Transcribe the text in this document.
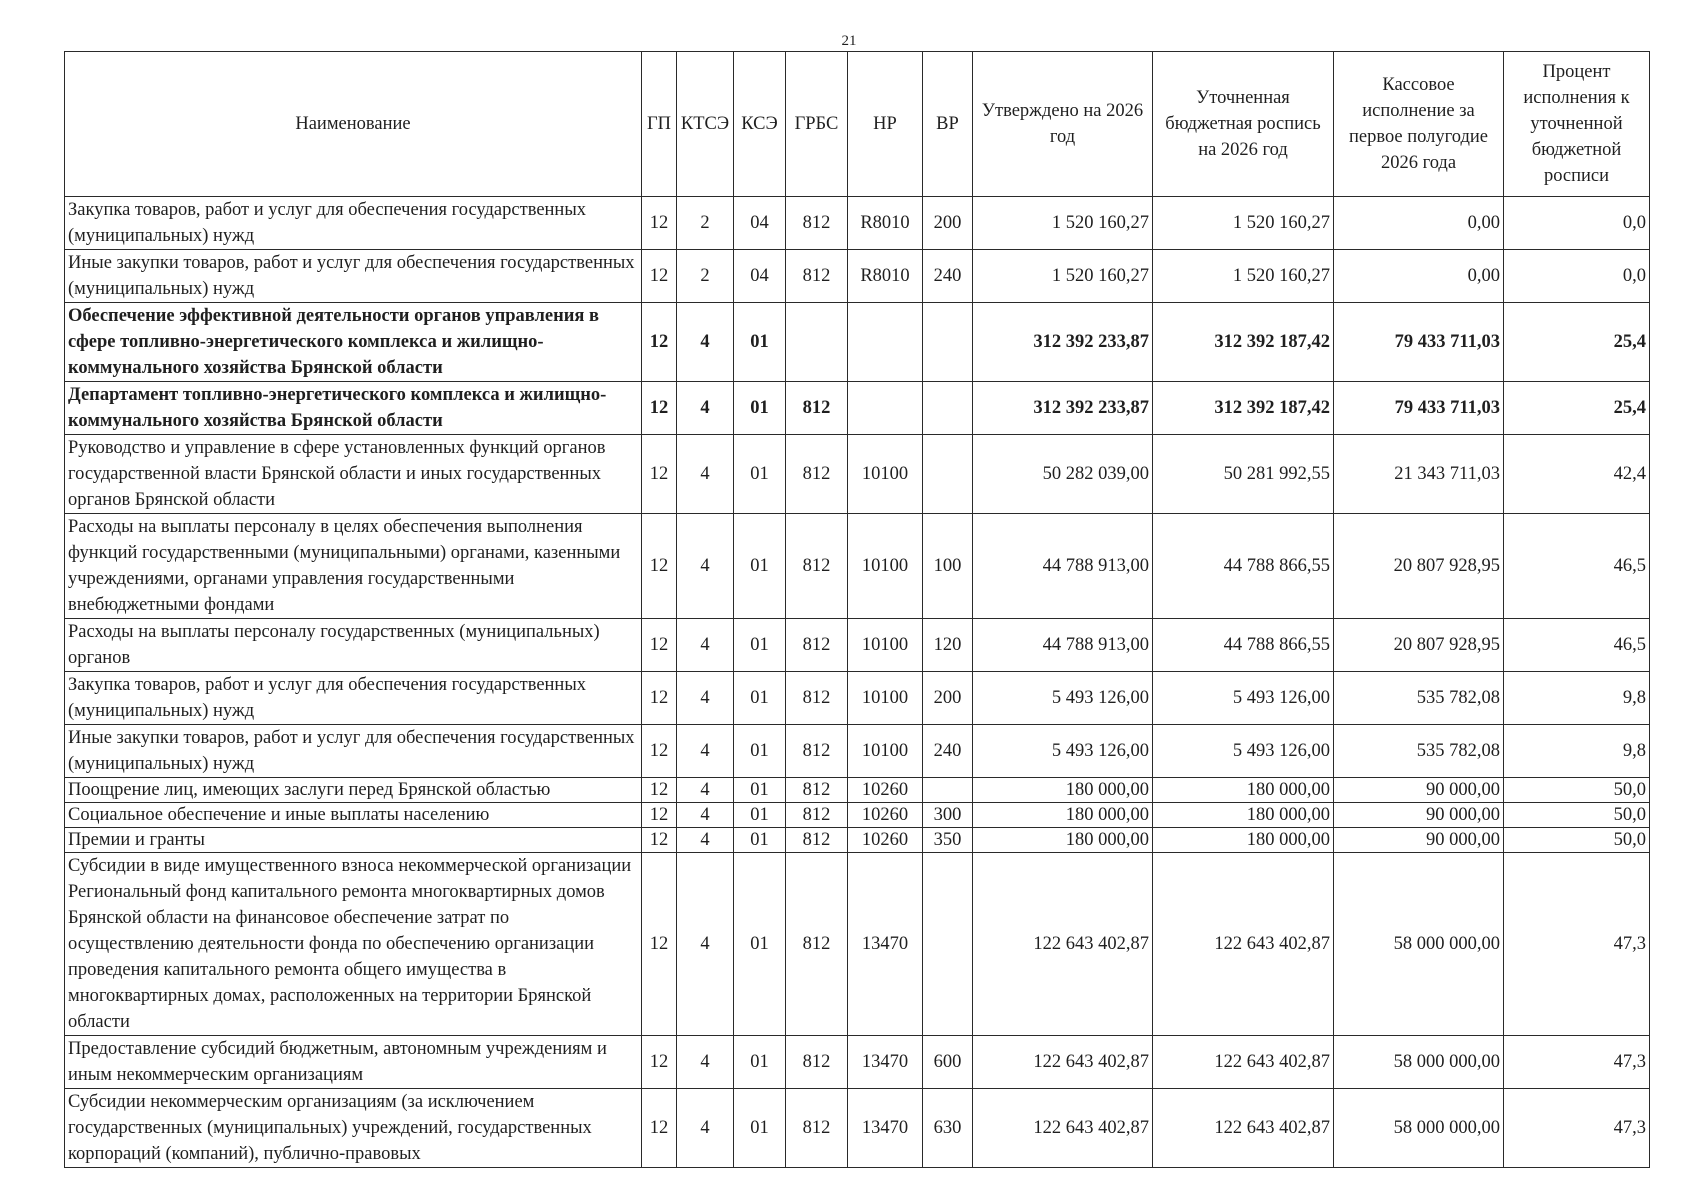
21
Наименование	ГП	КТСЭ	КСЭ	ГРБС	НР	ВР	Утверждено на 2026 год	Уточненная бюджетная роспись на 2026 год	Кассовое исполнение за первое полугодие 2026 года	Процент исполнения к уточненной бюджетной росписи
Закупка товаров, работ и услуг для обеспечения государственных (муниципальных) нужд	12	2	04	812	R8010	200	1 520 160,27	1 520 160,27	0,00	0,0
Иные закупки товаров, работ и услуг для обеспечения государственных (муниципальных) нужд	12	2	04	812	R8010	240	1 520 160,27	1 520 160,27	0,00	0,0
Обеспечение эффективной деятельности органов управления в сфере топливно-энергетического комплекса и жилищно-коммунального хозяйства Брянской области	12	4	01				312 392 233,87	312 392 187,42	79 433 711,03	25,4
Департамент топливно-энергетического комплекса и жилищно-коммунального хозяйства Брянской области	12	4	01	812			312 392 233,87	312 392 187,42	79 433 711,03	25,4
Руководство и управление в сфере установленных функций органов государственной власти Брянской области и иных государственных органов Брянской области	12	4	01	812	10100		50 282 039,00	50 281 992,55	21 343 711,03	42,4
Расходы на выплаты персоналу в целях обеспечения выполнения функций государственными (муниципальными) органами, казенными учреждениями, органами управления государственными внебюджетными фондами	12	4	01	812	10100	100	44 788 913,00	44 788 866,55	20 807 928,95	46,5
Расходы на выплаты персоналу государственных (муниципальных) органов	12	4	01	812	10100	120	44 788 913,00	44 788 866,55	20 807 928,95	46,5
Закупка товаров, работ и услуг для обеспечения государственных (муниципальных) нужд	12	4	01	812	10100	200	5 493 126,00	5 493 126,00	535 782,08	9,8
Иные закупки товаров, работ и услуг для обеспечения государственных (муниципальных) нужд	12	4	01	812	10100	240	5 493 126,00	5 493 126,00	535 782,08	9,8
Поощрение лиц, имеющих заслуги перед Брянской областью	12	4	01	812	10260		180 000,00	180 000,00	90 000,00	50,0
Социальное обеспечение и иные выплаты населению	12	4	01	812	10260	300	180 000,00	180 000,00	90 000,00	50,0
Премии и гранты	12	4	01	812	10260	350	180 000,00	180 000,00	90 000,00	50,0
Субсидии в виде имущественного взноса некоммерческой организации Региональный фонд капитального ремонта многоквартирных домов Брянской области на финансовое обеспечение затрат по осуществлению деятельности фонда по обеспечению организации проведения капитального ремонта общего имущества в многоквартирных домах, расположенных на территории Брянской области	12	4	01	812	13470		122 643 402,87	122 643 402,87	58 000 000,00	47,3
Предоставление субсидий бюджетным, автономным учреждениям и иным некоммерческим организациям	12	4	01	812	13470	600	122 643 402,87	122 643 402,87	58 000 000,00	47,3
Субсидии некоммерческим организациям (за исключением государственных (муниципальных) учреждений, государственных корпораций (компаний), публично-правовых	12	4	01	812	13470	630	122 643 402,87	122 643 402,87	58 000 000,00	47,3
